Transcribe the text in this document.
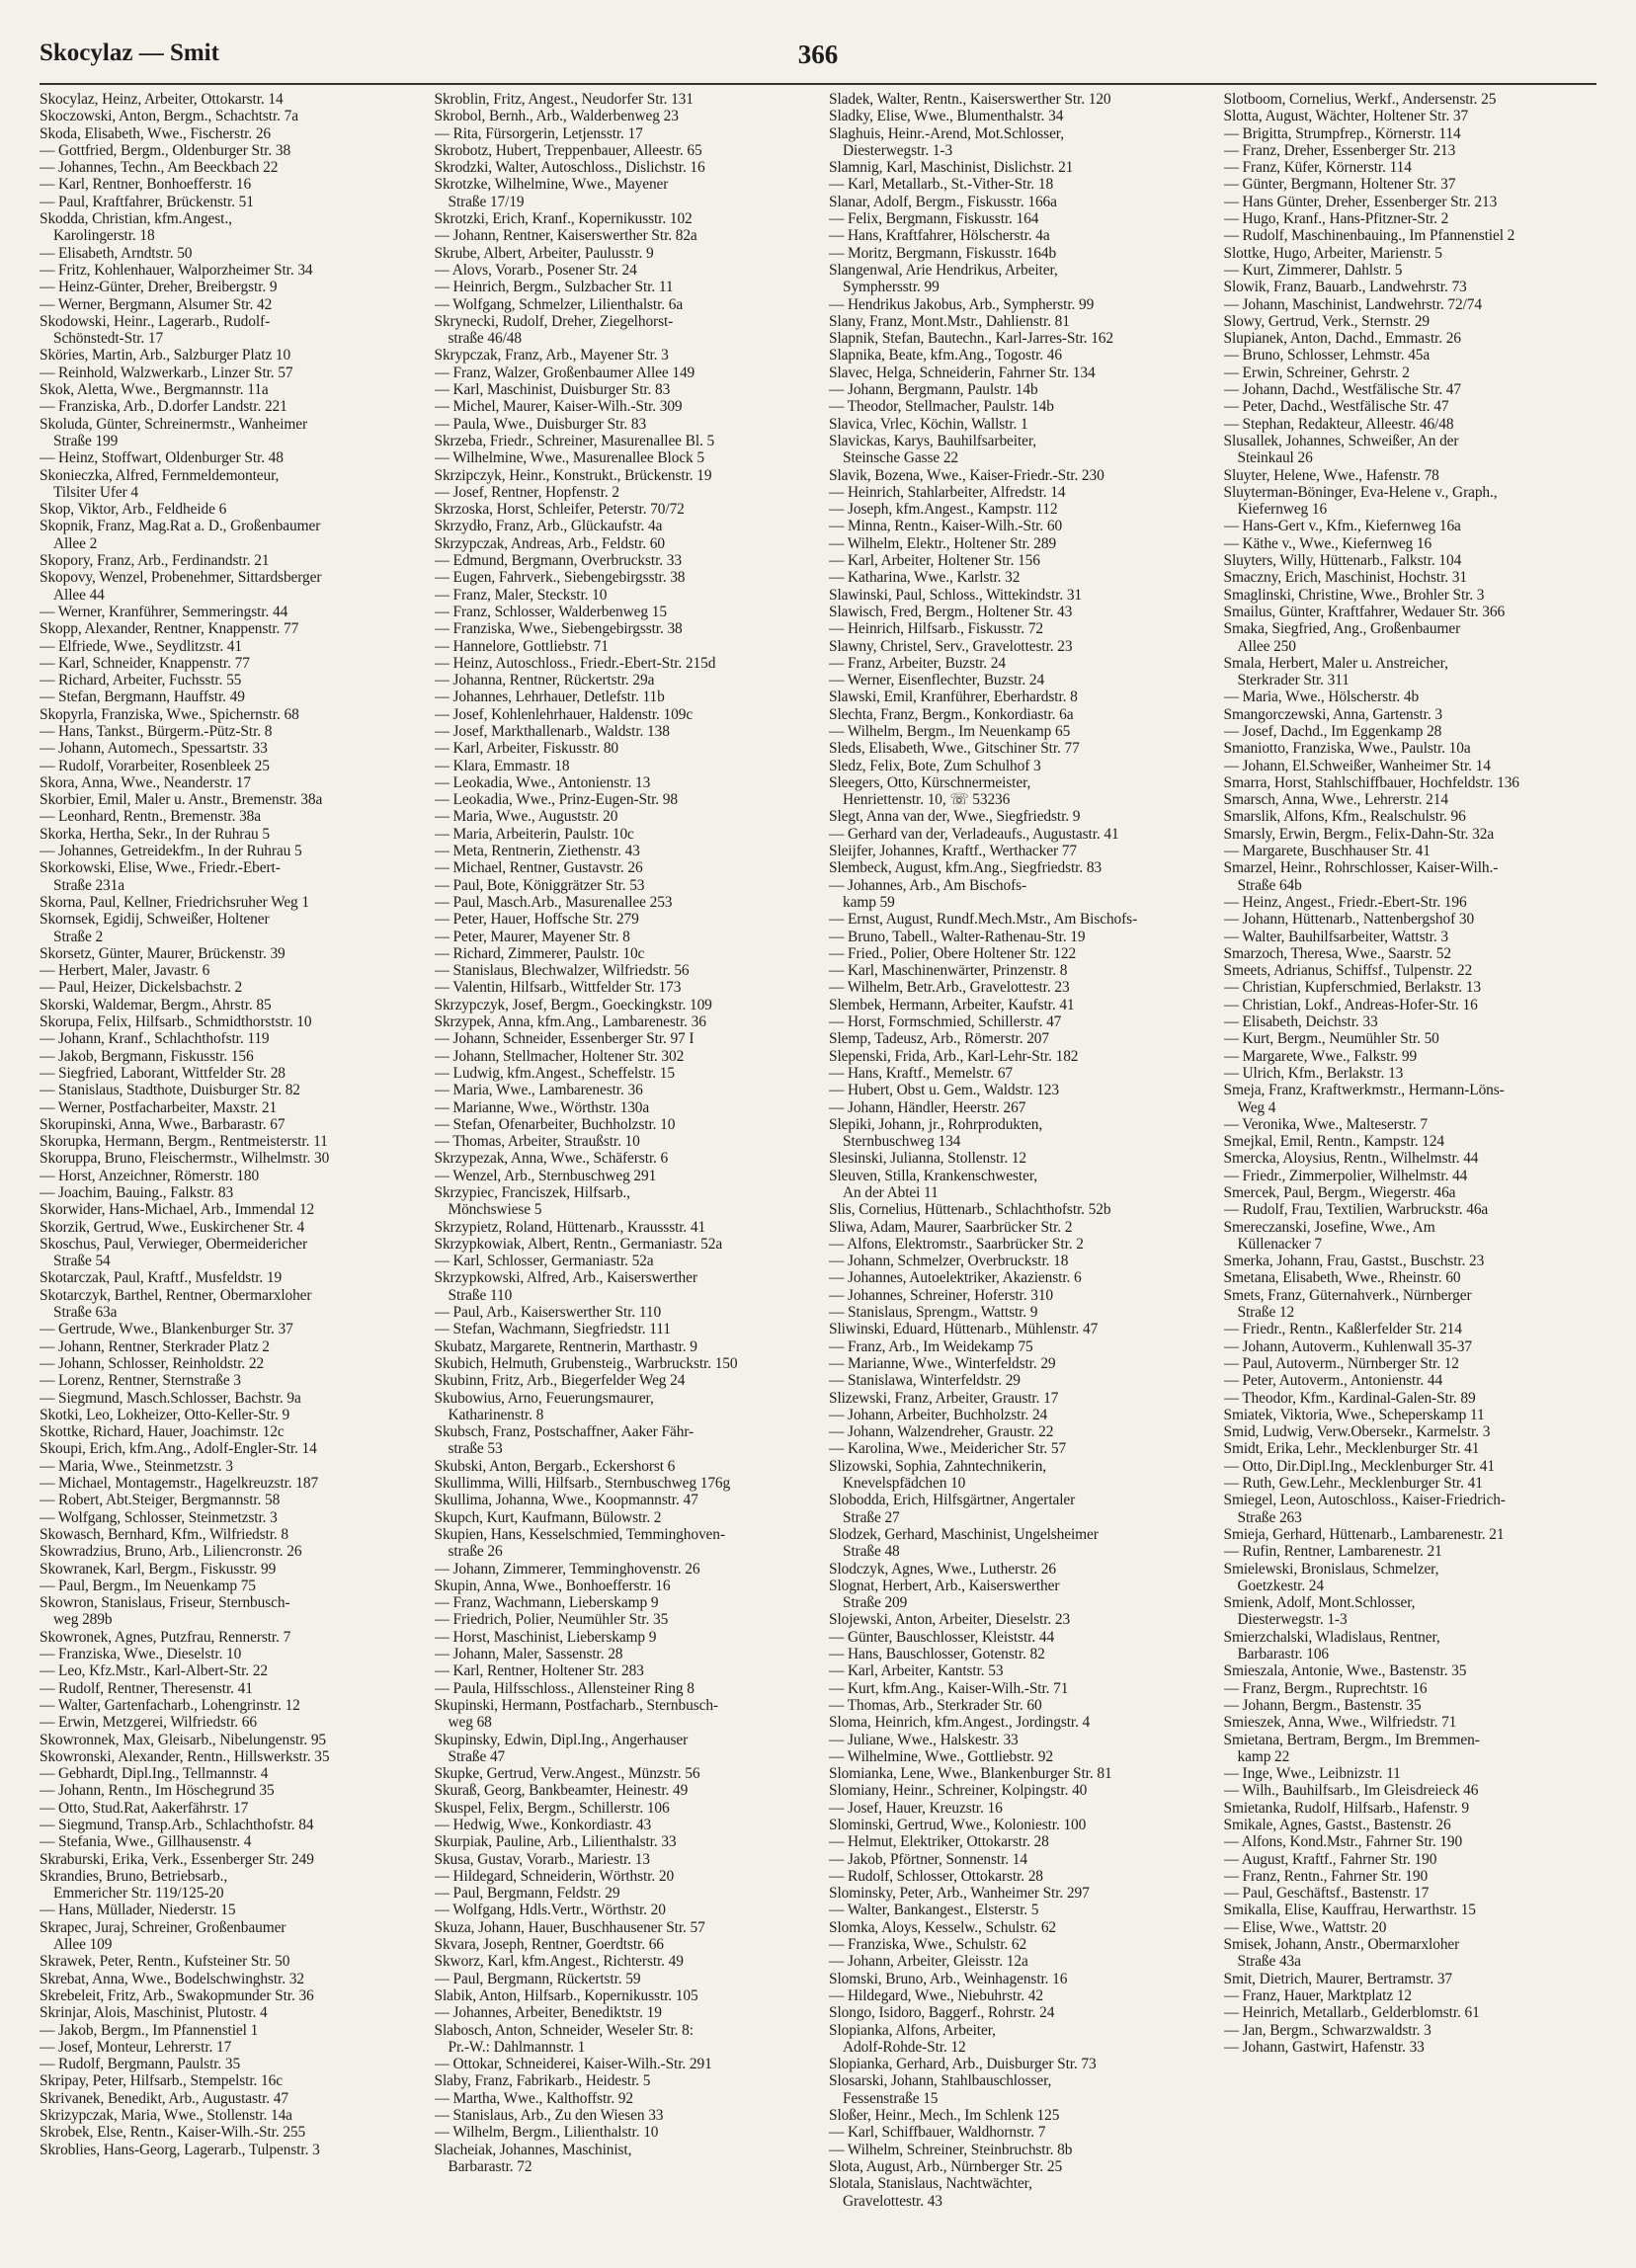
Skocylaz — Smit	366
Skocylaz, Heinz, Arbeiter, Ottokarstr. 14
Skoczowski, Anton, Bergm., Schachtstr. 7a
Skoda, Elisabeth, Wwe., Fischerstr. 26
— Gottfried, Bergm., Oldenburger Str. 38
— Johannes, Techn., Am Beeckbach 22
— Karl, Rentner, Bonhoefferstr. 16
— Paul, Kraftfahrer, Brückenstr. 51
Skodda, Christian, kfm.Angest.,
Karolingerstr. 18
— Elisabeth, Arndtstr. 50
— Fritz, Kohlenhauer, Walporzheimer Str. 34
— Heinz-Günter, Dreher, Breibergstr. 9
— Werner, Bergmann, Alsumer Str. 42
Skodowski, Heinr., Lagerarb., Rudolf-
Schönstedt-Str. 17
Sköries, Martin, Arb., Salzburger Platz 10
— Reinhold, Walzwerkarb., Linzer Str. 57
Skok, Aletta, Wwe., Bergmannstr. 11a
— Franziska, Arb., D.dorfer Landstr. 221
Skoluda, Günter, Schreinermstr., Wanheimer
Straße 199
— Heinz, Stoffwart, Oldenburger Str. 48
Skonieczka, Alfred, Fernmeldemonteur,
Tilsiter Ufer 4
Skop, Viktor, Arb., Feldheide 6
Skopnik, Franz, Mag.Rat a. D., Großenbaumer
Allee 2
Skopory, Franz, Arb., Ferdinandstr. 21
Skopovy, Wenzel, Probenehmer, Sittardsberger
Allee 44
— Werner, Kranführer, Semmeringstr. 44
Skopp, Alexander, Rentner, Knappenstr. 77
— Elfriede, Wwe., Seydlitzstr. 41
— Karl, Schneider, Knappenstr. 77
— Richard, Arbeiter, Fuchsstr. 55
— Stefan, Bergmann, Hauffstr. 49
Skopyrla, Franziska, Wwe., Spichernstr. 68
— Hans, Tankst., Bürgerm.-Pütz-Str. 8
— Johann, Automech., Spessartstr. 33
— Rudolf, Vorarbeiter, Rosenbleek 25
Skora, Anna, Wwe., Neanderstr. 17
Skorbier, Emil, Maler u. Anstr., Bremenstr. 38a
— Leonhard, Rentn., Bremenstr. 38a
Skorka, Hertha, Sekr., In der Ruhrau 5
— Johannes, Getreidekfm., In der Ruhrau 5
Skorkowski, Elise, Wwe., Friedr.-Ebert-
Straße 231a
Skorna, Paul, Kellner, Friedrichsruher Weg 1
Skornsek, Egidij, Schweißer, Holtener
Straße 2
Skorsetz, Günter, Maurer, Brückenstr. 39
— Herbert, Maler, Javastr. 6
— Paul, Heizer, Dickelsbachstr. 2
Skorski, Waldemar, Bergm., Ahrstr. 85
Skorupa, Felix, Hilfsarb., Schmidthorststr. 10
— Johann, Kranf., Schlachthofstr. 119
— Jakob, Bergmann, Fiskusstr. 156
— Siegfried, Laborant, Wittfelder Str. 28
— Stanislaus, Stadthote, Duisburger Str. 82
— Werner, Postfacharbeiter, Maxstr. 21
Skorupinski, Anna, Wwe., Barbarastr. 67
Skorupka, Hermann, Bergm., Rentmeisterstr. 11
Skoruppa, Bruno, Fleischermstr., Wilhelmstr. 30
— Horst, Anzeichner, Römerstr. 180
— Joachim, Bauing., Falkstr. 83
Skorwider, Hans-Michael, Arb., Immendal 12
Skorzik, Gertrud, Wwe., Euskirchener Str. 4
Skoschus, Paul, Verwieger, Obermeidericher
Straße 54
Skotarczak, Paul, Kraftf., Musfeldstr. 19
Skotarczyk, Barthel, Rentner, Obermarxloher
Straße 63a
— Gertrude, Wwe., Blankenburger Str. 37
— Johann, Rentner, Sterkrader Platz 2
— Johann, Schlosser, Reinholdstr. 22
— Lorenz, Rentner, Sternstraße 3
— Siegmund, Masch.Schlosser, Bachstr. 9a
Skotki, Leo, Lokheizer, Otto-Keller-Str. 9
Skottke, Richard, Hauer, Joachimstr. 12c
Skoupi, Erich, kfm.Ang., Adolf-Engler-Str. 14
— Maria, Wwe., Steinmetzstr. 3
— Michael, Montagemstr., Hagelkreuzstr. 187
— Robert, Abt.Steiger, Bergmannstr. 58
— Wolfgang, Schlosser, Steinmetzstr. 3
Skowasch, Bernhard, Kfm., Wilfriedstr. 8
Skowradzius, Bruno, Arb., Liliencronstr. 26
Skowranek, Karl, Bergm., Fiskusstr. 99
— Paul, Bergm., Im Neuenkamp 75
Skowron, Stanislaus, Friseur, Sternbusch-
weg 289b
Skowronek, Agnes, Putzfrau, Rennerstr. 7
— Franziska, Wwe., Dieselstr. 10
— Leo, Kfz.Mstr., Karl-Albert-Str. 22
— Rudolf, Rentner, Theresenstr. 41
— Walter, Gartenfacharb., Lohengrinstr. 12
— Erwin, Metzgerei, Wilfriedstr. 66
Skowronnek, Max, Gleisarb., Nibelungenstr. 95
Skowronski, Alexander, Rentn., Hillswerkstr. 35
— Gebhardt, Dipl.Ing., Tellmannstr. 4
— Johann, Rentn., Im Höschegrund 35
— Otto, Stud.Rat, Aakerfährstr. 17
— Siegmund, Transp.Arb., Schlachthofstr. 84
— Stefania, Wwe., Gillhausenstr. 4
Skraburski, Erika, Verk., Essenberger Str. 249
Skrandies, Bruno, Betriebsarb.,
Emmericher Str. 119/125-20
— Hans, Müllader, Niederstr. 15
Skrapec, Juraj, Schreiner, Großenbaumer
Allee 109
Skrawek, Peter, Rentn., Kufsteiner Str. 50
Skrebat, Anna, Wwe., Bodelschwinghstr. 32
Skrebeleit, Fritz, Arb., Swakopmunder Str. 36
Skrinjar, Alois, Maschinist, Plutostr. 4
— Jakob, Bergm., Im Pfannenstiel 1
— Josef, Monteur, Lehrerstr. 17
— Rudolf, Bergmann, Paulstr. 35
Skripay, Peter, Hilfsarb., Stempelstr. 16c
Skrivanek, Benedikt, Arb., Augustastr. 47
Skrizypczak, Maria, Wwe., Stollenstr. 14a
Skrobek, Else, Rentn., Kaiser-Wilh.-Str. 255
Skroblies, Hans-Georg, Lagerarb., Tulpenstr. 3
Skroblin, Fritz, Angest., Neudorfer Str. 131
Skrobol, Bernh., Arb., Walderbenweg 23
— Rita, Fürsorgerin, Letjensstr. 17
Skrobotz, Hubert, Treppenbauer, Alleestr. 65
Skrodzki, Walter, Autoschloss., Dislichstr. 16
Skrotzke, Wilhelmine, Wwe., Mayener
Straße 17/19
Skrotzki, Erich, Kranf., Kopernikusstr. 102
— Johann, Rentner, Kaiserswerther Str. 82a
Skrube, Albert, Arbeiter, Paulusstr. 9
— Alovs, Vorarb., Posener Str. 24
— Heinrich, Bergm., Sulzbacher Str. 11
— Wolfgang, Schmelzer, Lilienthalstr. 6a
Skrynecki, Rudolf, Dreher, Ziegelhorst-
straße 46/48
Skrypczak, Franz, Arb., Mayener Str. 3
— Franz, Walzer, Großenbaumer Allee 149
— Karl, Maschinist, Duisburger Str. 83
— Michel, Maurer, Kaiser-Wilh.-Str. 309
— Paula, Wwe., Duisburger Str. 83
Skrzeba, Friedr., Schreiner, Masurenallee Bl. 5
— Wilhelmine, Wwe., Masurenallee Block 5
Skrzipczyk, Heinr., Konstrukt., Brückenstr. 19
— Josef, Rentner, Hopfenstr. 2
Skrzoska, Horst, Schleifer, Peterstr. 70/72
Skrzydło, Franz, Arb., Glückaufstr. 4a
Skrzypczak, Andreas, Arb., Feldstr. 60
— Edmund, Bergmann, Overbruckstr. 33
— Eugen, Fahrverk., Siebengebirgsstr. 38
— Franz, Maler, Steckstr. 10
— Franz, Schlosser, Walderbenweg 15
— Franziska, Wwe., Siebengebirgsstr. 38
— Hannelore, Gottliebstr. 71
— Heinz, Autoschloss., Friedr.-Ebert-Str. 215d
— Johanna, Rentner, Rückertstr. 29a
— Johannes, Lehrhauer, Detlefstr. 11b
— Josef, Kohlenlehrhauer, Haldenstr. 109c
— Josef, Markthallenarb., Waldstr. 138
— Karl, Arbeiter, Fiskusstr. 80
— Klara, Emmastr. 18
— Leokadia, Wwe., Antonienstr. 13
— Leokadia, Wwe., Prinz-Eugen-Str. 98
— Maria, Wwe., Auguststr. 20
— Maria, Arbeiterin, Paulstr. 10c
— Meta, Rentnerin, Ziethenstr. 43
— Michael, Rentner, Gustavstr. 26
— Paul, Bote, Königgrätzer Str. 53
— Paul, Masch.Arb., Masurenallee 253
— Peter, Hauer, Hoffsche Str. 279
— Peter, Maurer, Mayener Str. 8
— Richard, Zimmerer, Paulstr. 10c
— Stanislaus, Blechwalzer, Wilfriedstr. 56
— Valentin, Hilfsarb., Wittfelder Str. 173
Skrzypczyk, Josef, Bergm., Goeckingkstr. 109
Skrzypek, Anna, kfm.Ang., Lambarenestr. 36
— Johann, Schneider, Essenberger Str. 97 I
— Johann, Stellmacher, Holtener Str. 302
— Ludwig, kfm.Angest., Scheffelstr. 15
— Maria, Wwe., Lambarenestr. 36
— Marianne, Wwe., Wörthstr. 130a
— Stefan, Ofenarbeiter, Buchholzstr. 10
— Thomas, Arbeiter, Straußstr. 10
Skrzypezak, Anna, Wwe., Schäferstr. 6
— Wenzel, Arb., Sternbuschweg 291
Skrzypiec, Franciszek, Hilfsarb.,
Mönchswiese 5
Skrzypietz, Roland, Hüttenarb., Kraussstr. 41
Skrzypkowiak, Albert, Rentn., Germaniastr. 52a
— Karl, Schlosser, Germaniastr. 52a
Skrzypkowski, Alfred, Arb., Kaiserswerther
Straße 110
— Paul, Arb., Kaiserswerther Str. 110
— Stefan, Wachmann, Siegfriedstr. 111
Skubatz, Margarete, Rentnerin, Marthastr. 9
Skubich, Helmuth, Grubensteig., Warbruckstr. 150
Skubinn, Fritz, Arb., Biegerfelder Weg 24
Skubowius, Arno, Feuerungsmaurer,
Katharinenstr. 8
Skubsch, Franz, Postschaffner, Aaker Fähr-
straße 53
Skubski, Anton, Bergarb., Eckershorst 6
Skullimma, Willi, Hilfsarb., Sternbuschweg 176g
Skullima, Johanna, Wwe., Koopmannstr. 47
Skupch, Kurt, Kaufmann, Bülowstr. 2
Skupien, Hans, Kesselschmied, Temminghoven-
straße 26
— Johann, Zimmerer, Temminghovenstr. 26
Skupin, Anna, Wwe., Bonhoefferstr. 16
— Franz, Wachmann, Lieberskamp 9
— Friedrich, Polier, Neumühler Str. 35
— Horst, Maschinist, Lieberskamp 9
— Johann, Maler, Sassenstr. 28
— Karl, Rentner, Holtener Str. 283
— Paula, Hilfsschloss., Allensteiner Ring 8
Skupinski, Hermann, Postfacharb., Sternbusch-
weg 68
Skupinsky, Edwin, Dipl.Ing., Angerhauser
Straße 47
Skupke, Gertrud, Verw.Angest., Münzstr. 56
Skuraß, Georg, Bankbeamter, Heinestr. 49
Skuspel, Felix, Bergm., Schillerstr. 106
— Hedwig, Wwe., Konkordiastr. 43
Skurpiak, Pauline, Arb., Lilienthalstr. 33
Skusa, Gustav, Vorarb., Mariestr. 13
— Hildegard, Schneiderin, Wörthstr. 20
— Paul, Bergmann, Feldstr. 29
— Wolfgang, Hdls.Vertr., Wörthstr. 20
Skuza, Johann, Hauer, Buschhausener Str. 57
Skvara, Joseph, Rentner, Goerdtstr. 66
Skworz, Karl, kfm.Angest., Richterstr. 49
— Paul, Bergmann, Rückertstr. 59
Slabik, Anton, Hilfsarb., Kopernikusstr. 105
— Johannes, Arbeiter, Benediktstr. 19
Slabosch, Anton, Schneider, Weseler Str. 8:
Pr.-W.: Dahlmannstr. 1
— Ottokar, Schneiderei, Kaiser-Wilh.-Str. 291
Slaby, Franz, Fabrikarb., Heidestr. 5
— Martha, Wwe., Kalthoffstr. 92
— Stanislaus, Arb., Zu den Wiesen 33
— Wilhelm, Bergm., Lilienthalstr. 10
Slacheiak, Johannes, Maschinist,
Barbarastr. 72
Sladek, Walter, Rentn., Kaiserswerther Str. 120
Sladky, Elise, Wwe., Blumenthalstr. 34
Slaghuis, Heinr.-Arend, Mot.Schlosser,
Diesterwegstr. 1-3
Slamnig, Karl, Maschinist, Dislichstr. 21
— Karl, Metallarb., St.-Vither-Str. 18
Slanar, Adolf, Bergm., Fiskusstr. 166a
— Felix, Bergmann, Fiskusstr. 164
— Hans, Kraftfahrer, Hölscherstr. 4a
— Moritz, Bergmann, Fiskusstr. 164b
Slangenwal, Arie Hendrikus, Arbeiter,
Symphersstr. 99
— Hendrikus Jakobus, Arb., Sympherstr. 99
Slany, Franz, Mont.Mstr., Dahlienstr. 81
Slapnik, Stefan, Bautechn., Karl-Jarres-Str. 162
Slapnika, Beate, kfm.Ang., Togostr. 46
Slavec, Helga, Schneiderin, Fahrner Str. 134
— Johann, Bergmann, Paulstr. 14b
— Theodor, Stellmacher, Paulstr. 14b
Slavica, Vrlec, Köchin, Wallstr. 1
Slavickas, Karys, Bauhilfsarbeiter,
Steinsche Gasse 22
Slavik, Bozena, Wwe., Kaiser-Friedr.-Str. 230
— Heinrich, Stahlarbeiter, Alfredstr. 14
— Joseph, kfm.Angest., Kampstr. 112
— Minna, Rentn., Kaiser-Wilh.-Str. 60
— Wilhelm, Elektr., Holtener Str. 289
— Karl, Arbeiter, Holtener Str. 156
— Katharina, Wwe., Karlstr. 32
Slawinski, Paul, Schloss., Wittekindstr. 31
Slawisch, Fred, Bergm., Holtener Str. 43
— Heinrich, Hilfsarb., Fiskusstr. 72
Slawny, Christel, Serv., Gravelottestr. 23
— Franz, Arbeiter, Buzstr. 24
— Werner, Eisenflechter, Buzstr. 24
Slawski, Emil, Kranführer, Eberhardstr. 8
Slechta, Franz, Bergm., Konkordiastr. 6a
— Wilhelm, Bergm., Im Neuenkamp 65
Sleds, Elisabeth, Wwe., Gitschiner Str. 77
Sledz, Felix, Bote, Zum Schulhof 3
Sleegers, Otto, Kürschnermeister,
Henriettenstr. 10, ☏ 53236
Slegt, Anna van der, Wwe., Siegfriedstr. 9
— Gerhard van der, Verladeaufs., Augustastr. 41
Sleijfer, Johannes, Kraftf., Werthacker 77
Slembeck, August, kfm.Ang., Siegfriedstr. 83
— Johannes, Arb., Am Bischofs-
kamp 59
— Ernst, August, Rundf.Mech.Mstr., Am Bischofs-
— Bruno, Tabell., Walter-Rathenau-Str. 19
— Fried., Polier, Obere Holtener Str. 122
— Karl, Maschinenwärter, Prinzenstr. 8
— Wilhelm, Betr.Arb., Gravelottestr. 23
Slembek, Hermann, Arbeiter, Kaufstr. 41
— Horst, Formschmied, Schillerstr. 47
Slemp, Tadeusz, Arb., Römerstr. 207
Slepenski, Frida, Arb., Karl-Lehr-Str. 182
— Hans, Kraftf., Memelstr. 67
— Hubert, Obst u. Gem., Waldstr. 123
— Johann, Händler, Heerstr. 267
Slepiki, Johann, jr., Rohrprodukten,
Sternbuschweg 134
Slesinski, Julianna, Stollenstr. 12
Sleuven, Stilla, Krankenschwester,
An der Abtei 11
Slis, Cornelius, Hüttenarb., Schlachthofstr. 52b
Sliwa, Adam, Maurer, Saarbrücker Str. 2
— Alfons, Elektromstr., Saarbrücker Str. 2
— Johann, Schmelzer, Overbruckstr. 18
— Johannes, Autoelektriker, Akazienstr. 6
— Johannes, Schreiner, Hoferstr. 310
— Stanislaus, Sprengm., Wattstr. 9
Sliwinski, Eduard, Hüttenarb., Mühlenstr. 47
— Franz, Arb., Im Weidekamp 75
— Marianne, Wwe., Winterfeldstr. 29
— Stanislawa, Winterfeldstr. 29
Slizewski, Franz, Arbeiter, Graustr. 17
— Johann, Arbeiter, Buchholzstr. 24
— Johann, Walzendreher, Graustr. 22
— Karolina, Wwe., Meidericher Str. 57
Slizowski, Sophia, Zahntechnikerin,
Knevelspfädchen 10
Slobodda, Erich, Hilfsgärtner, Angertaler
Straße 27
Slodzek, Gerhard, Maschinist, Ungelsheimer
Straße 48
Slodczyk, Agnes, Wwe., Lutherstr. 26
Slognat, Herbert, Arb., Kaiserswerther
Straße 209
Slojewski, Anton, Arbeiter, Dieselstr. 23
— Günter, Bauschlosser, Kleiststr. 44
— Hans, Bauschlosser, Gotenstr. 82
— Karl, Arbeiter, Kantstr. 53
— Kurt, kfm.Ang., Kaiser-Wilh.-Str. 71
— Thomas, Arb., Sterkrader Str. 60
Sloma, Heinrich, kfm.Angest., Jordingstr. 4
— Juliane, Wwe., Halskestr. 33
— Wilhelmine, Wwe., Gottliebstr. 92
Slomianka, Lene, Wwe., Blankenburger Str. 81
Slomiany, Heinr., Schreiner, Kolpingstr. 40
— Josef, Hauer, Kreuzstr. 16
Slominski, Gertrud, Wwe., Koloniestr. 100
— Helmut, Elektriker, Ottokarstr. 28
— Jakob, Pförtner, Sonnenstr. 14
— Rudolf, Schlosser, Ottokarstr. 28
Slominsky, Peter, Arb., Wanheimer Str. 297
— Walter, Bankangest., Elsterstr. 5
Slomka, Aloys, Kesselw., Schulstr. 62
— Franziska, Wwe., Schulstr. 62
— Johann, Arbeiter, Gleisstr. 12a
Slomski, Bruno, Arb., Weinhagenstr. 16
— Hildegard, Wwe., Niebuhrstr. 42
Slongo, Isidoro, Baggerf., Rohrstr. 24
Slopianka, Alfons, Arbeiter,
Adolf-Rohde-Str. 12
Slopianka, Gerhard, Arb., Duisburger Str. 73
Slosarski, Johann, Stahlbauschlosser,
Fessenstraße 15
Sloßer, Heinr., Mech., Im Schlenk 125
— Karl, Schiffbauer, Waldhornstr. 7
— Wilhelm, Schreiner, Steinbruchstr. 8b
Slota, August, Arb., Nürnberger Str. 25
Slotala, Stanislaus, Nachtwächter,
Gravelottestr. 43
Slotboom, Cornelius, Werkf., Andersenstr. 25
Slotta, August, Wächter, Holtener Str. 37
— Brigitta, Strumpfrep., Körnerstr. 114
— Franz, Dreher, Essenberger Str. 213
— Franz, Küfer, Körnerstr. 114
— Günter, Bergmann, Holtener Str. 37
— Hans Günter, Dreher, Essenberger Str. 213
— Hugo, Kranf., Hans-Pfitzner-Str. 2
— Rudolf, Maschinenbauing., Im Pfannenstiel 2
Slottke, Hugo, Arbeiter, Marienstr. 5
— Kurt, Zimmerer, Dahlstr. 5
Slowik, Franz, Bauarb., Landwehrstr. 73
— Johann, Maschinist, Landwehrstr. 72/74
Slowy, Gertrud, Verk., Sternstr. 29
Slupianek, Anton, Dachd., Emmastr. 26
— Bruno, Schlosser, Lehmstr. 45a
— Erwin, Schreiner, Gehrstr. 2
— Johann, Dachd., Westfälische Str. 47
— Peter, Dachd., Westfälische Str. 47
— Stephan, Redakteur, Alleestr. 46/48
Slusallek, Johannes, Schweißer, An der
Steinkaul 26
Sluyter, Helene, Wwe., Hafenstr. 78
Sluyterman-Böninger, Eva-Helene v., Graph.,
Kiefernweg 16
— Hans-Gert v., Kfm., Kiefernweg 16a
— Käthe v., Wwe., Kiefernweg 16
Sluyters, Willy, Hüttenarb., Falkstr. 104
Smaczny, Erich, Maschinist, Hochstr. 31
Smaglinski, Christine, Wwe., Brohler Str. 3
Smailus, Günter, Kraftfahrer, Wedauer Str. 366
Smaka, Siegfried, Ang., Großenbaumer
Allee 250
Smala, Herbert, Maler u. Anstreicher,
Sterkrader Str. 311
— Maria, Wwe., Hölscherstr. 4b
Smangorczewski, Anna, Gartenstr. 3
— Josef, Dachd., Im Eggenkamp 28
Smaniotto, Franziska, Wwe., Paulstr. 10a
— Johann, El.Schweißer, Wanheimer Str. 14
Smarra, Horst, Stahlschiffbauer, Hochfeldstr. 136
Smarsch, Anna, Wwe., Lehrerstr. 214
Smarslik, Alfons, Kfm., Realschulstr. 96
Smarsly, Erwin, Bergm., Felix-Dahn-Str. 32a
— Margarete, Buschhauser Str. 41
Smarzel, Heinr., Rohrschlosser, Kaiser-Wilh.-
Straße 64b
— Heinz, Angest., Friedr.-Ebert-Str. 196
— Johann, Hüttenarb., Nattenbergshof 30
— Walter, Bauhilfsarbeiter, Wattstr. 3
Smarzoch, Theresa, Wwe., Saarstr. 52
Smeets, Adrianus, Schiffsf., Tulpenstr. 22
— Christian, Kupferschmied, Berlakstr. 13
— Christian, Lokf., Andreas-Hofer-Str. 16
— Elisabeth, Deichstr. 33
— Kurt, Bergm., Neumühler Str. 50
— Margarete, Wwe., Falkstr. 99
— Ulrich, Kfm., Berlakstr. 13
Smeja, Franz, Kraftwerkmstr., Hermann-Löns-
Weg 4
— Veronika, Wwe., Malteserstr. 7
Smejkal, Emil, Rentn., Kampstr. 124
Smercka, Aloysius, Rentn., Wilhelmstr. 44
— Friedr., Zimmerpolier, Wilhelmstr. 44
Smercek, Paul, Bergm., Wiegerstr. 46a
— Rudolf, Frau, Textilien, Warbruckstr. 46a
Smereczanski, Josefine, Wwe., Am
Küllenacker 7
Smerka, Johann, Frau, Gastst., Buschstr. 23
Smetana, Elisabeth, Wwe., Rheinstr. 60
Smets, Franz, Güternahverk., Nürnberger
Straße 12
— Friedr., Rentn., Kaßlerfelder Str. 214
— Johann, Autoverm., Kuhlenwall 35-37
— Paul, Autoverm., Nürnberger Str. 12
— Peter, Autoverm., Antonienstr. 44
— Theodor, Kfm., Kardinal-Galen-Str. 89
Smiatek, Viktoria, Wwe., Scheperskamp 11
Smid, Ludwig, Verw.Obersekr., Karmelstr. 3
Smidt, Erika, Lehr., Mecklenburger Str. 41
— Otto, Dir.Dipl.Ing., Mecklenburger Str. 41
— Ruth, Gew.Lehr., Mecklenburger Str. 41
Smiegel, Leon, Autoschloss., Kaiser-Friedrich-
Straße 263
Smieja, Gerhard, Hüttenarb., Lambarenestr. 21
— Rufin, Rentner, Lambarenestr. 21
Smielewski, Bronislaus, Schmelzer,
Goetzkestr. 24
Smienk, Adolf, Mont.Schlosser,
Diesterwegstr. 1-3
Smierzchalski, Wladislaus, Rentner,
Barbarastr. 106
Smieszala, Antonie, Wwe., Bastenstr. 35
— Franz, Bergm., Ruprechtstr. 16
— Johann, Bergm., Bastenstr. 35
Smieszek, Anna, Wwe., Wilfriedstr. 71
Smietana, Bertram, Bergm., Im Bremmen-
kamp 22
— Inge, Wwe., Leibnizstr. 11
— Wilh., Bauhilfsarb., Im Gleisdreieck 46
Smietanka, Rudolf, Hilfsarb., Hafenstr. 9
Smikale, Agnes, Gastst., Bastenstr. 26
— Alfons, Kond.Mstr., Fahrner Str. 190
— August, Kraftf., Fahrner Str. 190
— Franz, Rentn., Fahrner Str. 190
— Paul, Geschäftsf., Bastenstr. 17
Smikalla, Elise, Kauffrau, Herwarthstr. 15
— Elise, Wwe., Wattstr. 20
Smisek, Johann, Anstr., Obermarxloher
Straße 43a
Smit, Dietrich, Maurer, Bertramstr. 37
— Franz, Hauer, Marktplatz 12
— Heinrich, Metallarb., Gelderblomstr. 61
— Jan, Bergm., Schwarzwaldstr. 3
— Johann, Gastwirt, Hafenstr. 33
